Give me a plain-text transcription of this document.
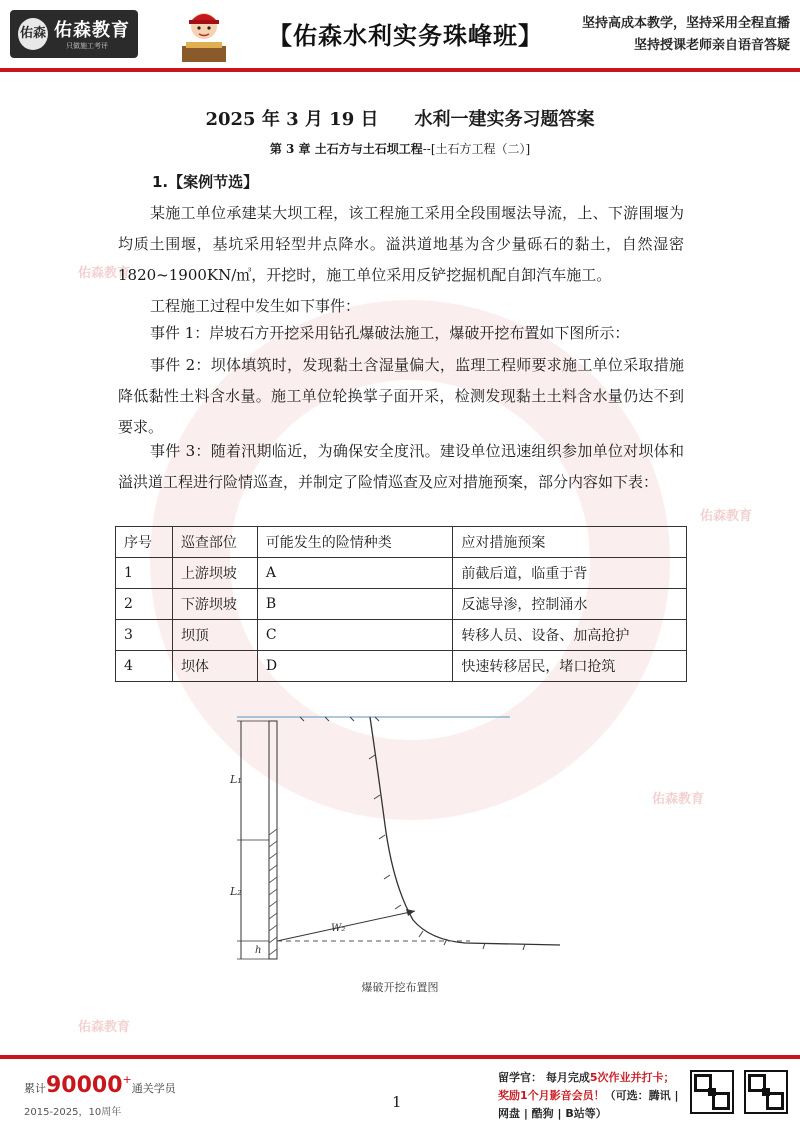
佑森 佑森教育
只做施工考评	【佑森水利实务珠峰班】	坚持高成本教学，坚持采用全程直播
坚持授课老师亲自语音答疑
佑森教育
佑森教育
佑森教育
佑森教育
2025 年 3 月 19 日 水利一建实务习题答案
第 3 章 土石方与土石坝工程--[土石方工程（二）]
1.【案例节选】
某施工单位承建某大坝工程，该工程施工采用全段围堰法导流，上、下游围堰为均质土围堰，基坑采用轻型井点降水。溢洪道地基为含少量砾石的黏土，自然湿密 1820~1900KN/㎥，开挖时，施工单位采用反铲挖掘机配自卸汽车施工。
工程施工过程中发生如下事件：
事件 1：岸坡石方开挖采用钻孔爆破法施工，爆破开挖布置如下图所示：
事件 2：坝体填筑时，发现黏土含湿量偏大，监理工程师要求施工单位采取措施降低黏性土料含水量。施工单位轮换掌子面开采，检测发现黏土土料含水量仍达不到要求。
事件 3：随着汛期临近，为确保安全度汛。建设单位迅速组织参加单位对坝体和溢洪道工程进行险情巡查，并制定了险情巡查及应对措施预案，部分内容如下表：
序号	巡查部位	可能发生的险情种类	应对措施预案
1	上游坝坡	A	前截后道，临重于背
2	下游坝坡	B	反滤导渗，控制涌水
3	坝顶	C	转移人员、设备、加高抢护
4	坝体	D	快速转移居民，堵口抢筑
L₁
L₂
h
W₂
爆破开挖布置图
累计90000+通关学员
2015-2025，10周年
1
留学官： 每月完成5次作业并打卡；
奖励1个月影音会员！（可选：腾讯 |
网盘 | 酷狗 | B站等）
